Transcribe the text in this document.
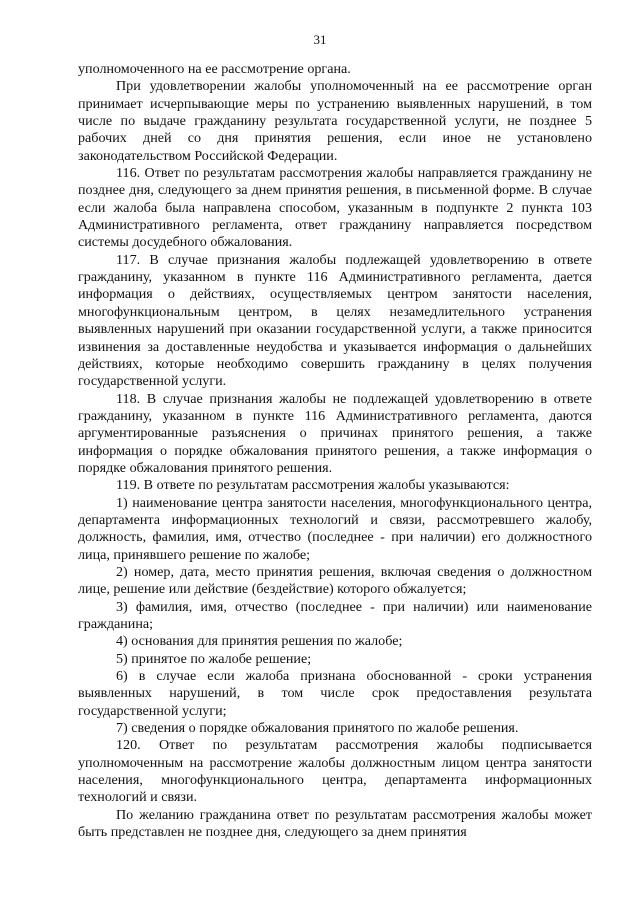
31

уполномоченного на ее рассмотрение органа.

При удовлетворении жалобы уполномоченный на ее рассмотрение орган принимает исчерпывающие меры по устранению выявленных нарушений, в том числе по выдаче гражданину результата государственной услуги, не позднее 5 рабочих дней со дня принятия решения, если иное не установлено законодательством Российской Федерации.

116. Ответ по результатам рассмотрения жалобы направляется гражданину не позднее дня, следующего за днем принятия решения, в письменной форме. В случае если жалоба была направлена способом, указанным в подпункте 2 пункта 103 Административного регламента, ответ гражданину направляется посредством системы досудебного обжалования.

117. В случае признания жалобы подлежащей удовлетворению в ответе гражданину, указанном в пункте 116 Административного регламента, дается информация о действиях, осуществляемых центром занятости населения, многофункциональным центром, в целях незамедлительного устранения выявленных нарушений при оказании государственной услуги, а также приносится извинения за доставленные неудобства и указывается информация о дальнейших действиях, которые необходимо совершить гражданину в целях получения государственной услуги.

118. В случае признания жалобы не подлежащей удовлетворению в ответе гражданину, указанном в пункте 116 Административного регламента, даются аргументированные разъяснения о причинах принятого решения, а также информация о порядке обжалования принятого решения, а также информация о порядке обжалования принятого решения.

119. В ответе по результатам рассмотрения жалобы указываются:

1) наименование центра занятости населения, многофункционального центра, департамента информационных технологий и связи, рассмотревшего жалобу, должность, фамилия, имя, отчество (последнее - при наличии) его должностного лица, принявшего решение по жалобе;

2) номер, дата, место принятия решения, включая сведения о должностном лице, решение или действие (бездействие) которого обжалуется;

3) фамилия, имя, отчество (последнее - при наличии) или наименование гражданина;

4) основания для принятия решения по жалобе;

5) принятое по жалобе решение;

6) в случае если жалоба признана обоснованной - сроки устранения выявленных нарушений, в том числе срок предоставления результата государственной услуги;

7) сведения о порядке обжалования принятого по жалобе решения.

120. Ответ по результатам рассмотрения жалобы подписывается уполномоченным на рассмотрение жалобы должностным лицом центра занятости населения, многофункционального центра, департамента информационных технологий и связи.

По желанию гражданина ответ по результатам рассмотрения жалобы может быть представлен не позднее дня, следующего за днем принятия
